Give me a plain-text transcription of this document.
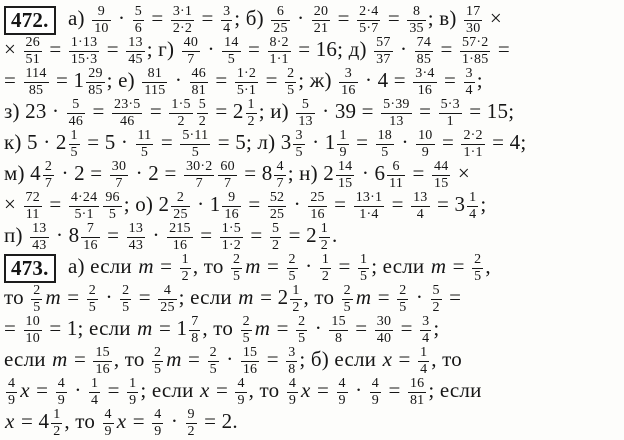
472. $а) \frac{9}{10} \cdot \frac{5}{6} = \frac{3\cdot 1}{2\cdot 2} = \frac{3}{4}$ ; $б) \frac{6}{25} \cdot \frac{20}{21} = \frac{2\cdot 4}{5\cdot 7} = \frac{8}{35}$ ; $в) \frac{17}{30}$ ×
× $\frac{26}{51} = \frac{1\cdot 13}{15\cdot 3} = \frac{13}{45}$ ; $г) \frac{40}{7} \cdot \frac{14}{5} = \frac{8\cdot 2}{1\cdot 1} = 16$; $д) \frac{57}{37} \cdot \frac{74}{85} = \frac{57\cdot 2}{1\cdot 85}$ =
= $\frac{114}{85} = 1 \frac{29}{85}$ ; $е) \frac{81}{115} \cdot \frac{46}{81} = \frac{1\cdot 2}{5\cdot 1} = \frac{2}{5}$ ; $ж) \frac{3}{16} \cdot 4 = \frac{3\cdot 4}{16} = \frac{3}{4}$ ;
з) $23 \cdot \frac{5}{46} = \frac{23\cdot 5}{46} = \frac{1\cdot 5}{2} \frac{5}{2} = 2 \frac{1}{2}$ ; $и) \frac{5}{13} \cdot 39 = \frac{5\cdot 39}{13} = \frac{5\cdot 3}{1} = 15$;
к) $5 \cdot 2 \frac{1}{5} = 5 \cdot \frac{11}{5} = \frac{5\cdot 11}{5} = 5$; л) $3 \frac{3}{5} \cdot 1 \frac{1}{9} = \frac{18}{5} \cdot \frac{10}{9} = \frac{2\cdot 2}{1\cdot 1} = 4$;
м) $4 \frac{2}{7} \cdot 2 = \frac{30}{7} \cdot 2 = \frac{30\cdot 2}{7} \frac{60}{7} = 8 \frac{4}{7}$ ; н) $2 \frac{14}{15} \cdot 6 \frac{6}{11} = \frac{44}{15}$ ×
× $\frac{72}{11} = \frac{4\cdot 24}{5\cdot 1} \frac{96}{5}$ ; о) $2 \frac{2}{25} \cdot 1 \frac{9}{16} = \frac{52}{25} \cdot \frac{25}{16} = \frac{13\cdot 1}{1\cdot 4} = \frac{13}{4} = 3 \frac{1}{4}$ ;
$п) \frac{13}{43} \cdot 8 \frac{7}{16} = \frac{13}{43} \cdot \frac{215}{16} = \frac{1\cdot 5}{1\cdot 2} = \frac{5}{2} = 2 \frac{1}{2}$ .
473. а) если $m = \frac{1}{2}$ , то $\frac{2}{5}$ $m = \frac{2}{5} \cdot \frac{1}{2} = \frac{1}{5}$ ; если $m = \frac{2}{5}$ ,
то $\frac{2}{5}$ $m = \frac{2}{5} \cdot \frac{2}{5} = \frac{4}{25}$ ; если $m = 2 \frac{1}{2}$ , то $\frac{2}{5}$ $m = \frac{2}{5} \cdot \frac{5}{2}$ =
= $\frac{10}{10} = 1$; если $m = 1 \frac{7}{8}$ , то $\frac{2}{5}$ $m = \frac{2}{5} \cdot \frac{15}{8} = \frac{30}{40} = \frac{3}{4}$ ;
если $m = \frac{15}{16}$ , то $\frac{2}{5}$ $m = \frac{2}{5} \cdot \frac{15}{16} = \frac{3}{8}$ ; б) если $x = \frac{1}{4}$ , то
$\frac{4}{9}$ $x = \frac{4}{9} \cdot \frac{1}{4} = \frac{1}{9}$ ; если $x = \frac{4}{9}$ , то $\frac{4}{9}$ $x = \frac{4}{9} \cdot \frac{4}{9} = \frac{16}{81}$ ; если
$x = 4 \frac{1}{2}$ , то $\frac{4}{9}$ $x = \frac{4}{9} \cdot \frac{9}{2} = 2$.
